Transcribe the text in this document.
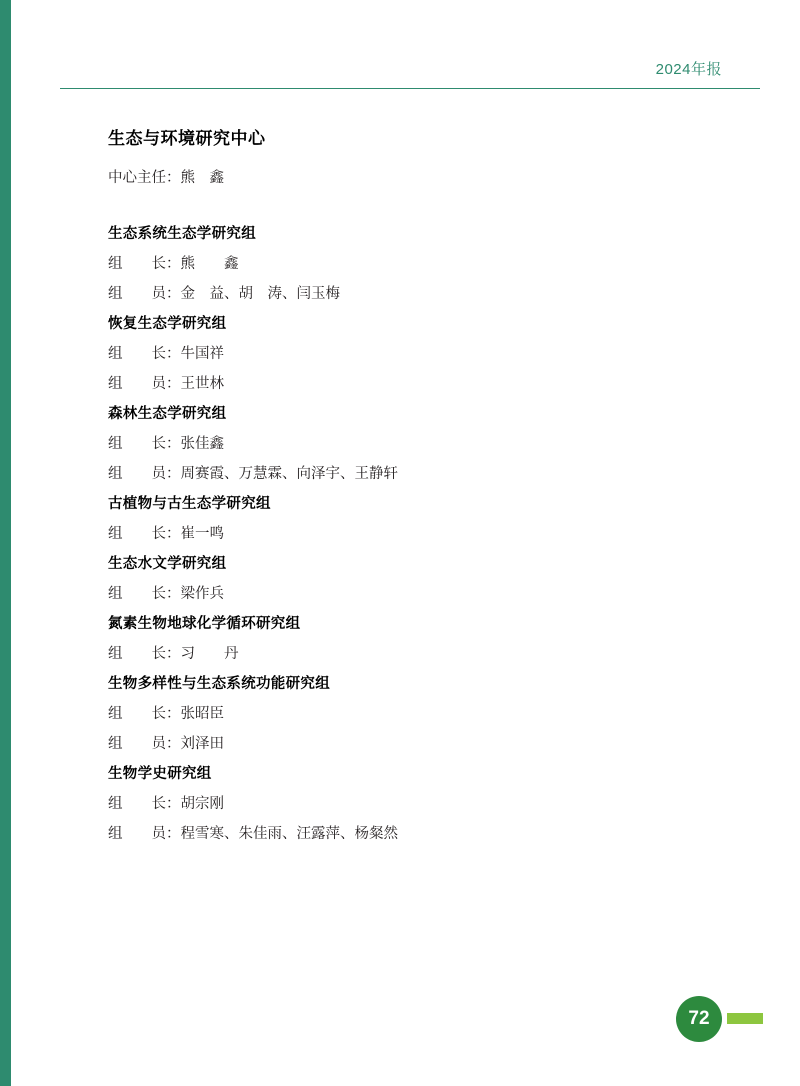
2024年报
生态与环境研究中心
中心主任：熊　鑫
生态系统生态学研究组
组　　长：熊　　鑫
组　　员：金　益、胡　涛、闫玉梅
恢复生态学研究组
组　　长：牛国祥
组　　员：王世林
森林生态学研究组
组　　长：张佳鑫
组　　员：周赛霞、万慧霖、向泽宇、王静轩
古植物与古生态学研究组
组　　长：崔一鸣
生态水文学研究组
组　　长：梁作兵
氮素生物地球化学循环研究组
组　　长：习　　丹
生物多样性与生态系统功能研究组
组　　长：张昭臣
组　　员：刘泽田
生物学史研究组
组　　长：胡宗刚
组　　员：程雪寒、朱佳雨、汪露萍、杨粲然
72
